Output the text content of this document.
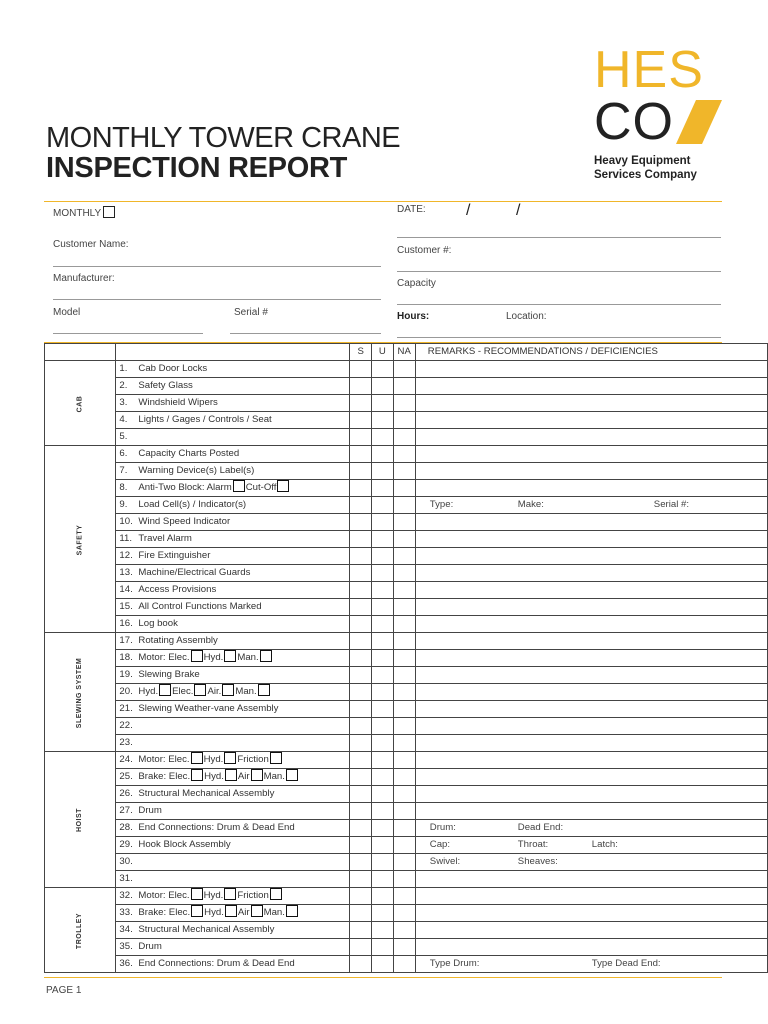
MONTHLY TOWER CRANE
INSPECTION REPORT
HES
CO
Heavy Equipment
Services Company
MONTHLY
Customer Name:
Manufacturer:
Model	Serial #
DATE:	/	/
Customer #:
Capacity
Hours:	Location:
		S	U	NA	REMARKS - RECOMMENDATIONS / DEFICIENCIES
CAB	1. Cab Door Locks				
	2. Safety Glass				
	3. Windshield Wipers				
	4. Lights / Gages / Controls / Seat				
	5.				
SAFETY	6. Capacity Charts Posted				
	7. Warning Device(s) Label(s)				
	8. Anti-Two Block: Alarm Cut-Off				
	9. Load Cell(s) / Indicator(s)				Type: Make: Serial #:

	10. Wind Speed Indicator				
	11. Travel Alarm				
	12. Fire Extinguisher				
	13. Machine/Electrical Guards				
	14. Access Provisions				
	15. All Control Functions Marked				
	16. Log book				
SLEWING SYSTEM	17. Rotating Assembly				
	18. Motor: Elec. Hyd. Man.				
	19. Slewing Brake				
	20. Hyd. Elec. Air. Man.				
	21. Slewing Weather-vane Assembly				
	22.				
	23.				
HOIST	24. Motor: Elec. Hyd. Friction				
	25. Brake: Elec. Hyd. Air Man.				
	26. Structural Mechanical Assembly				
	27. Drum				
	28. End Connections: Drum & Dead End				Drum: Dead End:

	29. Hook Block Assembly				Cap: Throat: Latch:

	30.				Swivel: Sheaves:

	31.				
TROLLEY	32. Motor: Elec. Hyd. Friction				
	33. Brake: Elec. Hyd. Air Man.				
	34. Structural Mechanical Assembly				
	35. Drum				
	36. End Connections: Drum & Dead End				Type Drum: Type Dead End:
PAGE 1
